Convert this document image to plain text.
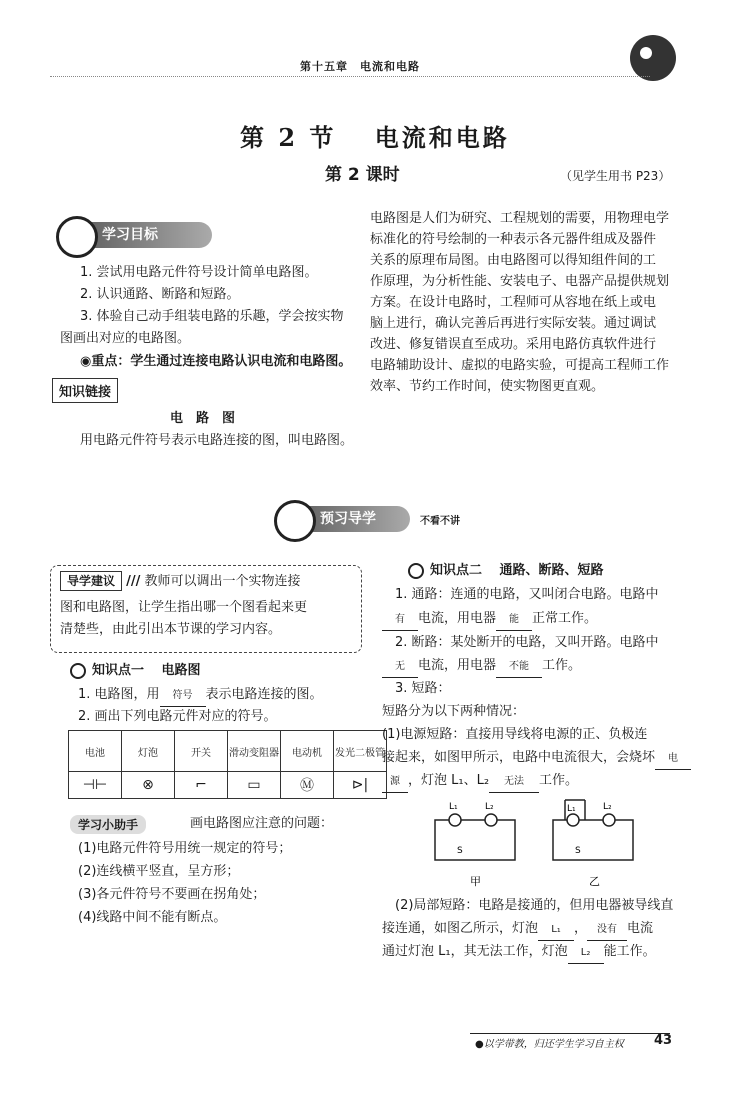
第十五章　电流和电路
第 2 节　 电流和电路
第 2 课时	（见学生用书 P23）
学习目标
1. 尝试用电路元件符号设计简单电路图。
2. 认识通路、断路和短路。
3. 体验自己动手组装电路的乐趣，学会按实物
图画出对应的电路图。
◉重点：学生通过连接电路认识电流和电路图。
知识链接
电　路　图
用电路元件符号表示电路连接的图，叫电路图。
电路图是人们为研究、工程规划的需要，用物理电学
标准化的符号绘制的一种表示各元器件组成及器件
关系的原理布局图。由电路图可以得知组件间的工
作原理，为分析性能、安装电子、电器产品提供规划
方案。在设计电路时，工程师可从容地在纸上或电
脑上进行，确认完善后再进行实际安装。通过调试
改进、修复错误直至成功。采用电路仿真软件进行
电路辅助设计、虚拟的电路实验，可提高工程师工作
效率、节约工作时间，使实物图更直观。
预习导学	不看不讲
导学建议 /// 教师可以调出一个实物连接
图和电路图，让学生指出哪一个图看起来更
清楚些，由此引出本节课的学习内容。
知识点一　 电路图
1. 电路图，用 符号 表示电路连接的图。
2. 画出下列电路元件对应的符号。
电池	灯泡	开关	滑动变阻器	电动机	发光二极管
⊣⊢	⊗	⌐	▭	Ⓜ	⊳|
学习小助手	画电路图应注意的问题：
(1)电路元件符号用统一规定的符号；
(2)连线横平竖直，呈方形；
(3)各元件符号不要画在拐角处；
(4)线路中间不能有断点。
知识点二　 通路、断路、短路
1. 通路：连通的电路，又叫闭合电路。电路中
有 电流，用电器 能 正常工作。
2. 断路：某处断开的电路，又叫开路。电路中
无 电流，用电器 不能 工作。
3. 短路：
短路分为以下两种情况：
(1)电源短路：直接用导线将电源的正、负极连
接起来，如图甲所示，电路中电流很大，会烧坏 电
源 ，灯泡 L₁、L₂ 无法 工作。
L₁	L₂
S
L₁	L₂
S
甲	乙
(2)局部短路：电路是接通的，但用电器被导线直
接连通，如图乙所示，灯泡 L₁ ， 没有 电流
通过灯泡 L₁，其无法工作，灯泡 L₂ 能工作。
●以学带教，归还学生学习自主权 43
